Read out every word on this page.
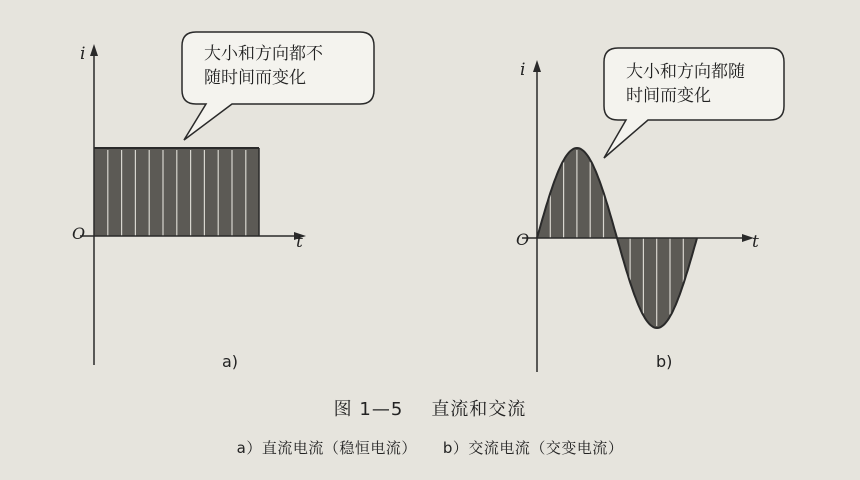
i
t
O
a)
大小和方向都不
随时间而变化	i
t
O
b)
大小和方向都随
时间而变化
图 1—5 直流和交流
a）直流电流（稳恒电流） b）交流电流（交变电流）
